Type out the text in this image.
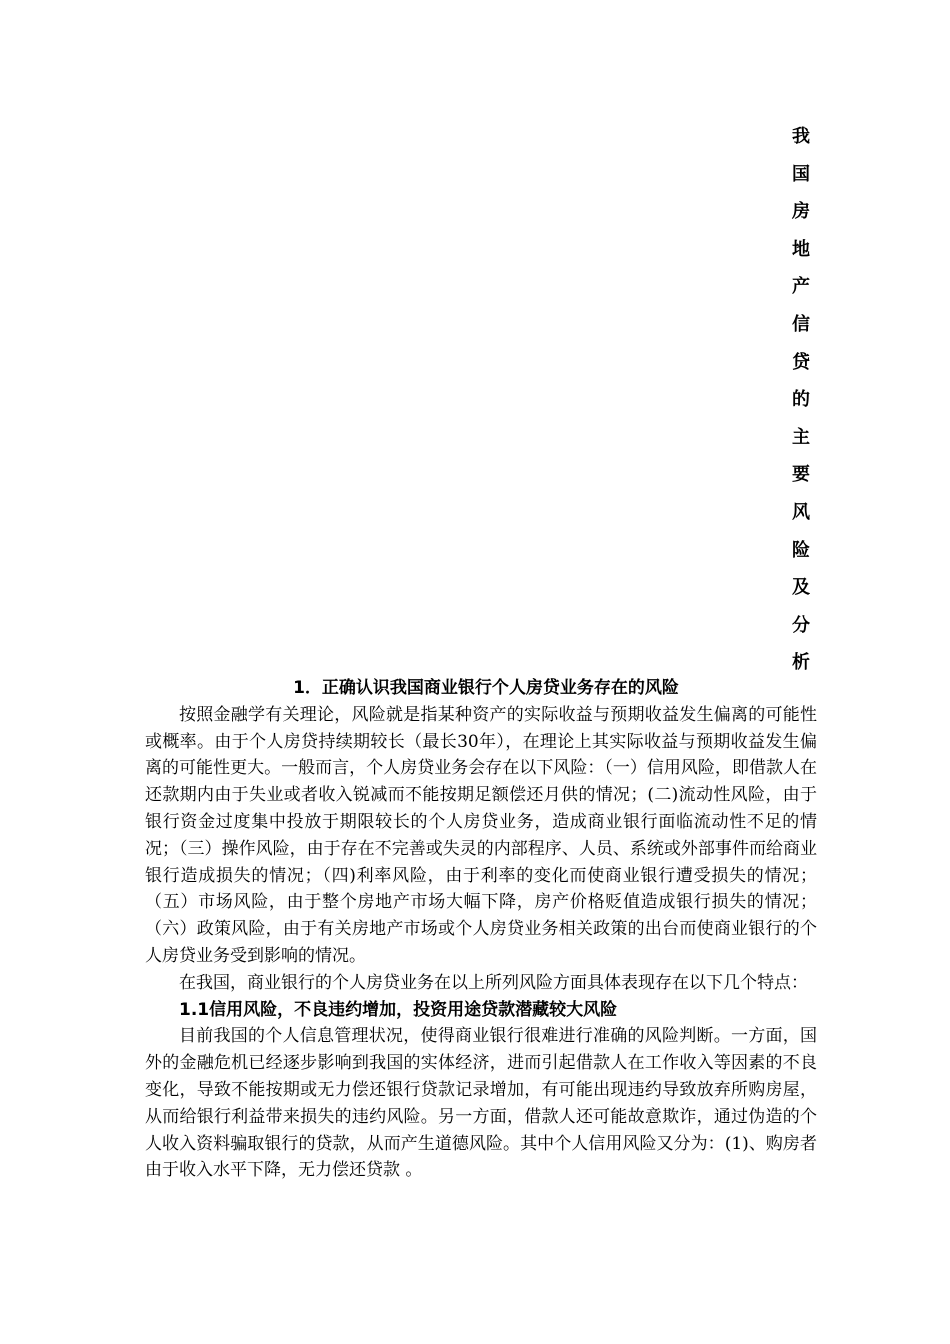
我
国
房
地
产
信
贷
的
主
要
风
险
及
分
析

1．正确认识我国商业银行个人房贷业务存在的风险

按照金融学有关理论，风险就是指某种资产的实际收益与预期收益发生偏离的可能性或概率。由于个人房贷持续期较长（最长30年），在理论上其实际收益与预期收益发生偏离的可能性更大。一般而言，个人房贷业务会存在以下风险：（一）信用风险，即借款人在还款期内由于失业或者收入锐减而不能按期足额偿还月供的情况；(二)流动性风险，由于银行资金过度集中投放于期限较长的个人房贷业务，造成商业银行面临流动性不足的情况；（三）操作风险，由于存在不完善或失灵的内部程序、人员、系统或外部事件而给商业银行造成损失的情况；（四)利率风险，由于利率的变化而使商业银行遭受损失的情况；（五）市场风险，由于整个房地产市场大幅下降，房产价格贬值造成银行损失的情况；（六）政策风险，由于有关房地产市场或个人房贷业务相关政策的出台而使商业银行的个人房贷业务受到影响的情况。

在我国，商业银行的个人房贷业务在以上所列风险方面具体表现存在以下几个特点：

1.1信用风险，不良违约增加，投资用途贷款潜藏较大风险

目前我国的个人信息管理状况，使得商业银行很难进行准确的风险判断。一方面，国外的金融危机已经逐步影响到我国的实体经济，进而引起借款人在工作收入等因素的不良变化，导致不能按期或无力偿还银行贷款记录增加，有可能出现违约导致放弃所购房屋，从而给银行利益带来损失的违约风险。另一方面，借款人还可能故意欺诈，通过伪造的个人收入资料骗取银行的贷款，从而产生道德风险。其中个人信用风险又分为：(1)、购房者由于收入水平下降，无力偿还贷款 。
